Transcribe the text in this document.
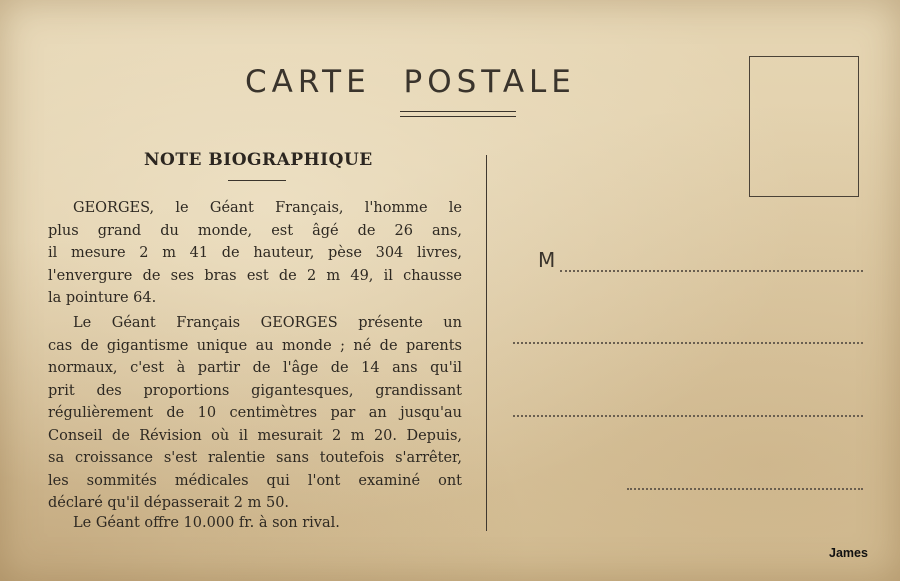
CARTE POSTALE
NOTE BIOGRAPHIQUE
GEORGES, le Géant Français, l'homme le
plus grand du monde, est âgé de 26 ans,
il mesure 2 m 41 de hauteur, pèse 304 livres,
l'envergure de ses bras est de 2 m 49, il chausse
la pointure 64.
Le Géant Français GEORGES présente un
cas de gigantisme unique au monde ; né de parents
normaux, c'est à partir de l'âge de 14 ans qu'il
prit des proportions gigantesques, grandissant
régulièrement de 10 centimètres par an jusqu'au
Conseil de Révision où il mesurait 2 m 20. Depuis,
sa croissance s'est ralentie sans toutefois s'arrêter,
les sommités médicales qui l'ont examiné ont
déclaré qu'il dépasserait 2 m 50.
Le Géant offre 10.000 fr. à son rival.
M
James
